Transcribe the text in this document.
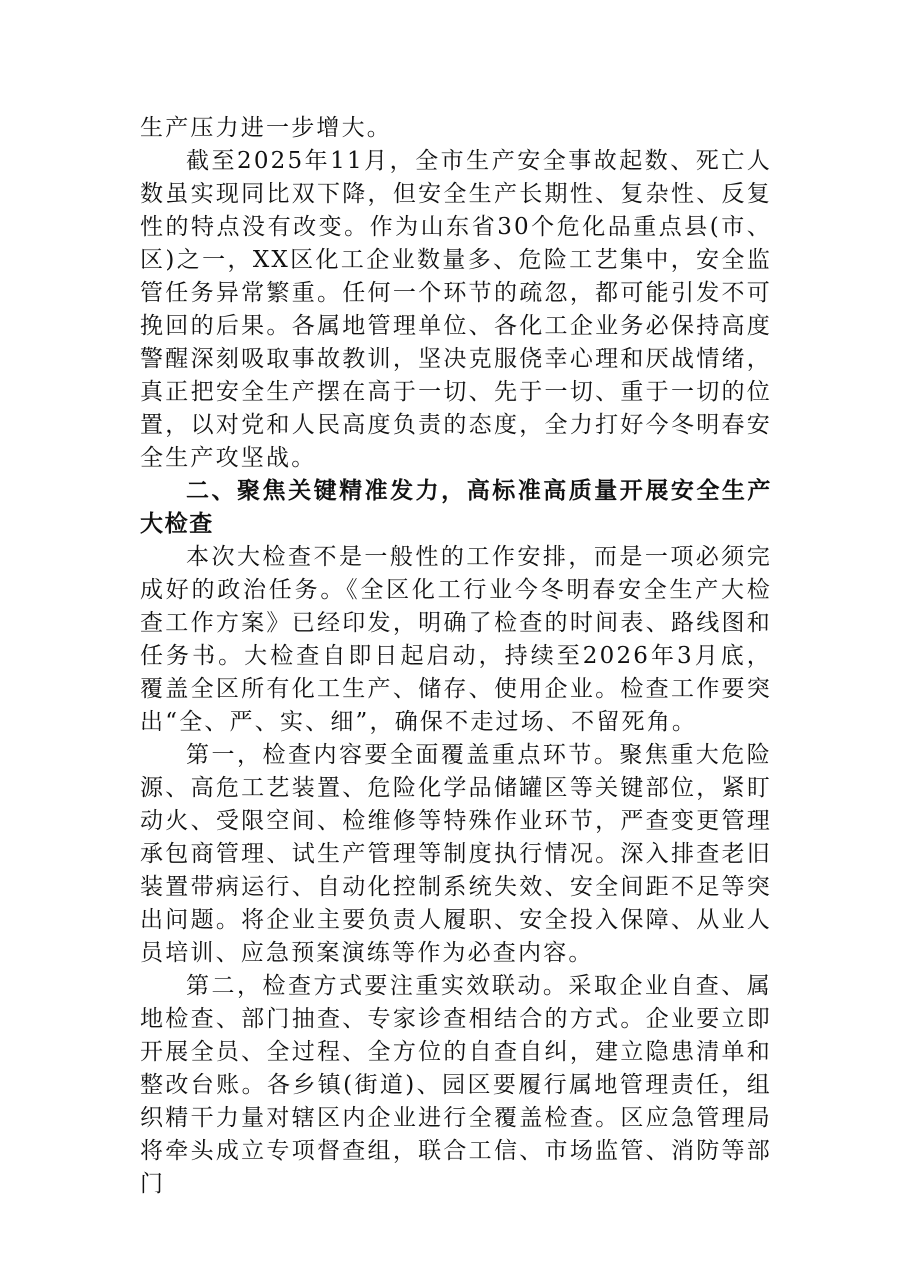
生产压力进一步增大。

截至2025年11月，全市生产安全事故起数、死亡人数虽实现同比双下降，但安全生产长期性、复杂性、反复性的特点没有改变。作为山东省30个危化品重点县(市、区)之一，XX区化工企业数量多、危险工艺集中，安全监管任务异常繁重。任何一个环节的疏忽，都可能引发不可挽回的后果。各属地管理单位、各化工企业务必保持高度警醒深刻吸取事故教训，坚决克服侥幸心理和厌战情绪，真正把安全生产摆在高于一切、先于一切、重于一切的位置，以对党和人民高度负责的态度，全力打好今冬明春安全生产攻坚战。

二、聚焦关键精准发力，高标准高质量开展安全生产大检查

本次大检查不是一般性的工作安排，而是一项必须完成好的政治任务。《全区化工行业今冬明春安全生产大检查工作方案》已经印发，明确了检查的时间表、路线图和任务书。大检查自即日起启动，持续至2026年3月底，覆盖全区所有化工生产、储存、使用企业。检查工作要突出“全、严、实、细”，确保不走过场、不留死角。

第一，检查内容要全面覆盖重点环节。聚焦重大危险源、高危工艺装置、危险化学品储罐区等关键部位，紧盯动火、受限空间、检维修等特殊作业环节，严查变更管理承包商管理、试生产管理等制度执行情况。深入排查老旧装置带病运行、自动化控制系统失效、安全间距不足等突出问题。将企业主要负责人履职、安全投入保障、从业人员培训、应急预案演练等作为必查内容。

第二，检查方式要注重实效联动。采取企业自查、属地检查、部门抽查、专家诊查相结合的方式。企业要立即开展全员、全过程、全方位的自查自纠，建立隐患清单和整改台账。各乡镇(街道)、园区要履行属地管理责任，组织精干力量对辖区内企业进行全覆盖检查。区应急管理局将牵头成立专项督查组，联合工信、市场监管、消防等部门
